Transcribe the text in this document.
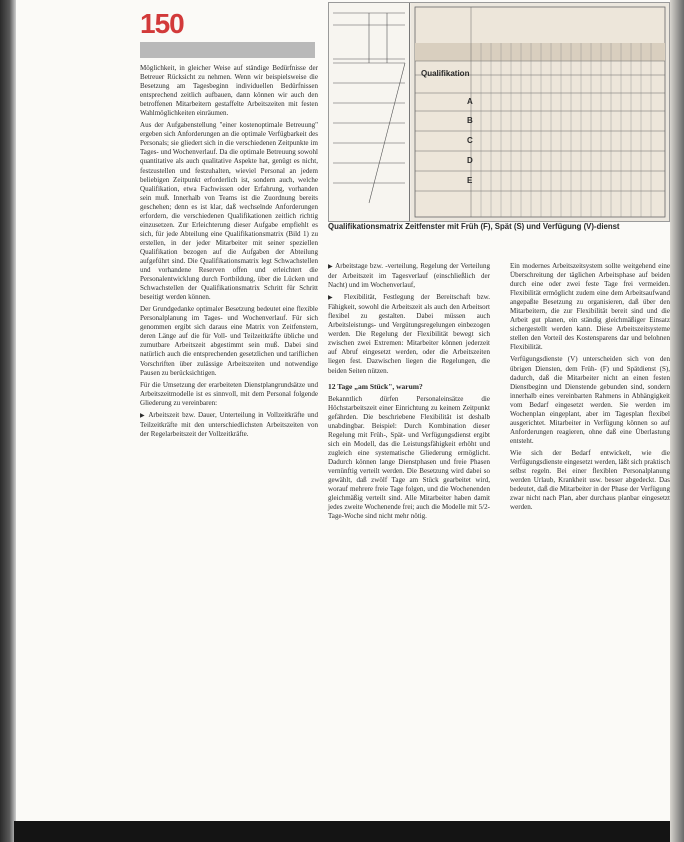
150
Qualifikation
A
B
C
D
E
Qualifikationsmatrix Zeitfenster mit Früh (F), Spät (S) und Verfügung (V)-dienst

Möglichkeit, in gleicher Weise auf ständige Bedürfnisse der Betreuer Rücksicht zu nehmen. Wenn wir beispielsweise die Besetzung am Tagesbeginn individuellen Bedürfnissen entsprechend zeitlich aufbauen, dann können wir auch den betroffenen Mitarbeitern gestaffelte Arbeitszeiten mit festen Wahlmöglichkeiten einräumen.

Aus der Aufgabenstellung "einer kostenoptimale Betreuung" ergeben sich Anforderungen an die optimale Verfügbarkeit des Personals; sie gliedert sich in die verschiedenen Zeitpunkte im Tages- und Wochenverlauf. Da die optimale Betreuung sowohl quantitative als auch qualitative Aspekte hat, genügt es nicht, festzustellen und festzuhalten, wieviel Personal an jedem beliebigen Zeitpunkt erforderlich ist, sondern auch, welche Qualifikation, etwa Fachwissen oder Erfahrung, vorhanden sein muß. Innerhalb von Teams ist die Zuordnung bereits geschehen; denn es ist klar, daß wechselnde Anforderungen erfordern, die verschiedenen Qualifikationen zeitlich richtig einzusetzen. Zur Erleichterung dieser Aufgabe empfiehlt es sich, für jede Abteilung eine Qualifikationsmatrix (Bild 1) zu erstellen, in der jeder Mitarbeiter mit seiner speziellen Qualifikation bezogen auf die Aufgaben der Abteilung aufgeführt sind. Die Qualifikationsmatrix legt Schwachstellen und vorhandene Reserven offen und erleichtert die Personalentwicklung durch Fortbildung, über die Lücken und Schwachstellen der Qualifikationsmatrix Schritt für Schritt beseitigt werden können.

Der Grundgedanke optimaler Besetzung bedeutet eine flexible Personalplanung im Tages- und Wochenverlauf. Für sich genommen ergibt sich daraus eine Matrix von Zeitfenstern, deren Länge auf die für Voll- und Teilzeitkräfte übliche und zumutbare Arbeitszeit abgestimmt sein muß. Dabei sind natürlich auch die entsprechenden gesetzlichen und tariflichen Vorschriften über zulässige Arbeitszeiten und notwendige Pausen zu berücksichtigen.

Für die Umsetzung der erarbeiteten Dienstplangrundsätze und Arbeitszeitmodelle ist es sinnvoll, mit dem Personal folgende Gliederung zu vereinbaren:

▶ Arbeitszeit bzw. Dauer, Unterteilung in Vollzeitkräfte und Teilzeitkräfte mit den unterschiedlichsten Arbeitszeiten von der Regelarbeitszeit der Vollzeitkräfte.

▶ Arbeitstage bzw. -verteilung, Regelung der Verteilung der Arbeitszeit im Tagesverlauf (einschließlich der Nacht) und im Wochenverlauf,

▶ Flexibilität, Festlegung der Bereitschaft bzw. Fähigkeit, sowohl die Arbeitszeit als auch den Arbeitsort flexibel zu gestalten. Dabei müssen auch Arbeitsleistungs- und Vergütungsregelungen einbezogen werden. Die Regelung der Flexibilität bewegt sich zwischen zwei Extremen: Mitarbeiter können jederzeit auf Abruf eingesetzt werden, oder die Arbeitszeiten liegen fest. Dazwischen liegen die Regelungen, die beiden Seiten nützen.

12 Tage „am Stück", warum?

Bekanntlich dürfen Personaleinsätze die Höchstarbeitszeit einer Einrichtung zu keinem Zeitpunkt gefährden. Die beschriebene Flexibilität ist deshalb unabdingbar. Beispiel: Durch Kombination dieser Regelung mit Früh-, Spät- und Verfügungsdienst ergibt sich ein Modell, das die Leistungsfähigkeit erhöht und zugleich eine systematische Gliederung ermöglicht. Dadurch können lange Dienstphasen und freie Phasen vernünftig verteilt werden. Die Besetzung wird dabei so gewählt, daß zwölf Tage am Stück gearbeitet wird, worauf mehrere freie Tage folgen, und die Wochenenden gleichmäßig verteilt sind. Alle Mitarbeiter haben damit jedes zweite Wochenende frei; auch die Modelle mit 5/2-Tage-Woche sind nicht mehr nötig.

Ein modernes Arbeitszeitsystem sollte weitgehend eine Überschreitung der täglichen Arbeitsphase auf beiden durch eine oder zwei feste Tage frei vermeiden. Flexibilität ermöglicht zudem eine dem Arbeitsaufwand angepaßte Besetzung zu organisieren, daß über den Mitarbeitern, die zur Flexibilität bereit sind und die Arbeit gut planen, ein ständig gleichmäßiger Einsatz sichergestellt werden kann. Diese Arbeitszeitsysteme stellen den Vorteil des Kostensparens dar und belohnen Flexibilität.

Verfügungsdienste (V) unterscheiden sich von den übrigen Diensten, dem Früh- (F) und Spätdienst (S), dadurch, daß die Mitarbeiter nicht an einen festen Dienstbeginn und Dienstende gebunden sind, sondern innerhalb eines vereinbarten Rahmens in Abhängigkeit vom Bedarf eingesetzt werden. Sie werden im Wochenplan eingeplant, aber im Tagesplan flexibel ausgerichtet. Mitarbeiter in Verfügung können so auf Anforderungen reagieren, ohne daß eine Überlastung entsteht.

Wie sich der Bedarf entwickelt, wie die Verfügungsdienste eingesetzt werden, läßt sich praktisch selbst regeln. Bei einer flexiblen Personalplanung werden Urlaub, Krankheit usw. besser abgedeckt. Das bedeutet, daß die Mitarbeiter in der Phase der Verfügung zwar nicht nach Plan, aber durchaus planbar eingesetzt werden.
